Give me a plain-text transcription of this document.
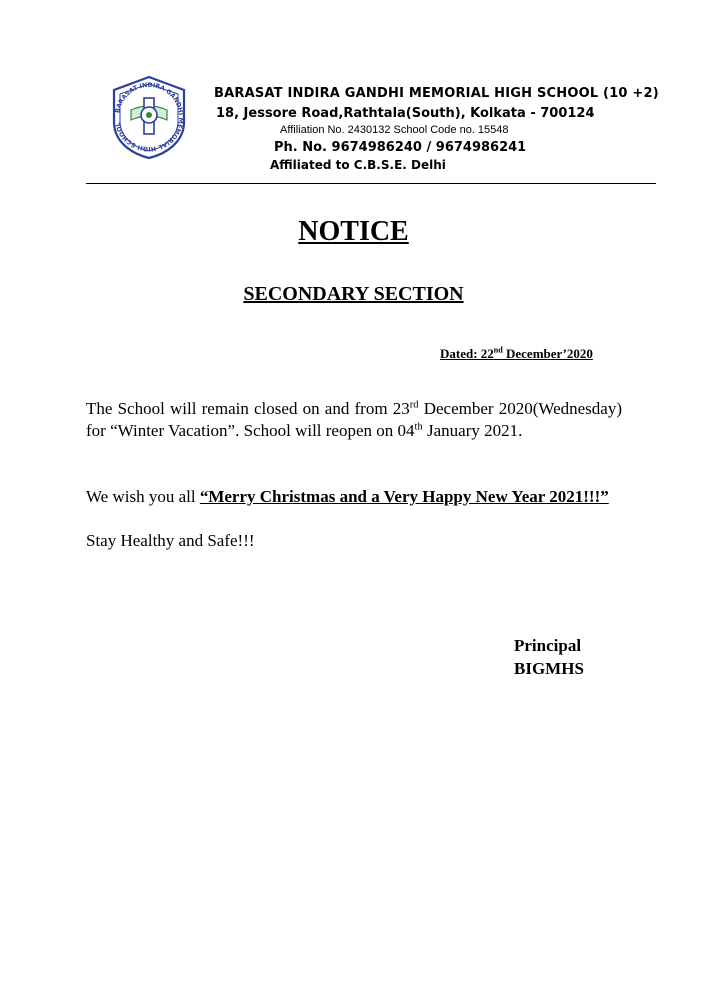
BARASAT INDIRA GANDHI MEMORIAL HIGH SCHOOL
BARASAT INDIRA GANDHI MEMORIAL HIGH SCHOOL (10 +2)
18, Jessore Road,Rathtala(South), Kolkata - 700124
Affiliation No. 2430132 School Code no. 15548
Ph. No. 9674986240 / 9674986241
Affiliated to C.B.S.E. Delhi
NOTICE
SECONDARY SECTION
Dated: 22nd December’2020
The School will remain closed on and from 23rd December 2020(Wednesday) for “Winter Vacation”. School will reopen on 04th January 2021.
We wish you all “Merry Christmas and a Very Happy New Year 2021!!!”
Stay Healthy and Safe!!!
Principal
BIGMHS
